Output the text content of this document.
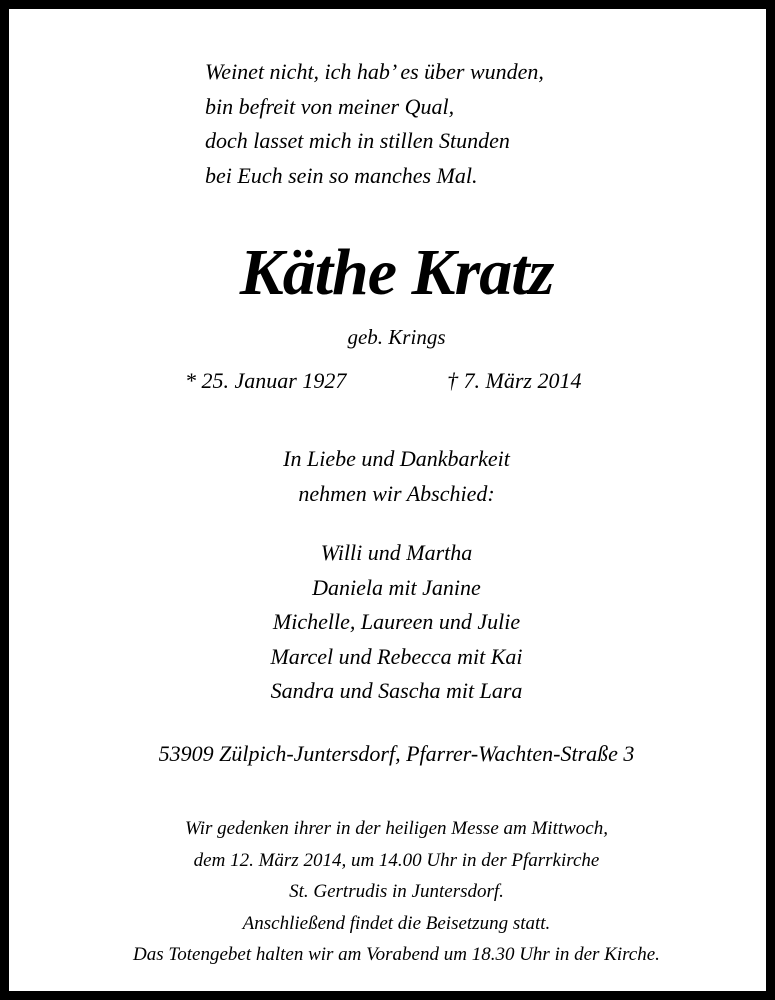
Weinet nicht, ich hab’ es über wunden,
bin befreit von meiner Qual,
doch lasset mich in stillen Stunden
bei Euch sein so manches Mal.
Käthe Kratz
geb. Krings
* 25. Januar 1927	† 7. März 2014
In Liebe und Dankbarkeit
nehmen wir Abschied:
Willi und Martha
Daniela mit Janine
Michelle, Laureen und Julie
Marcel und Rebecca mit Kai
Sandra und Sascha mit Lara
53909 Zülpich-Juntersdorf, Pfarrer-Wachten-Straße 3
Wir gedenken ihrer in der heiligen Messe am Mittwoch,
dem 12. März 2014, um 14.00 Uhr in der Pfarrkirche
St. Gertrudis in Juntersdorf.
Anschließend findet die Beisetzung statt.
Das Totengebet halten wir am Vorabend um 18.30 Uhr in der Kirche.
